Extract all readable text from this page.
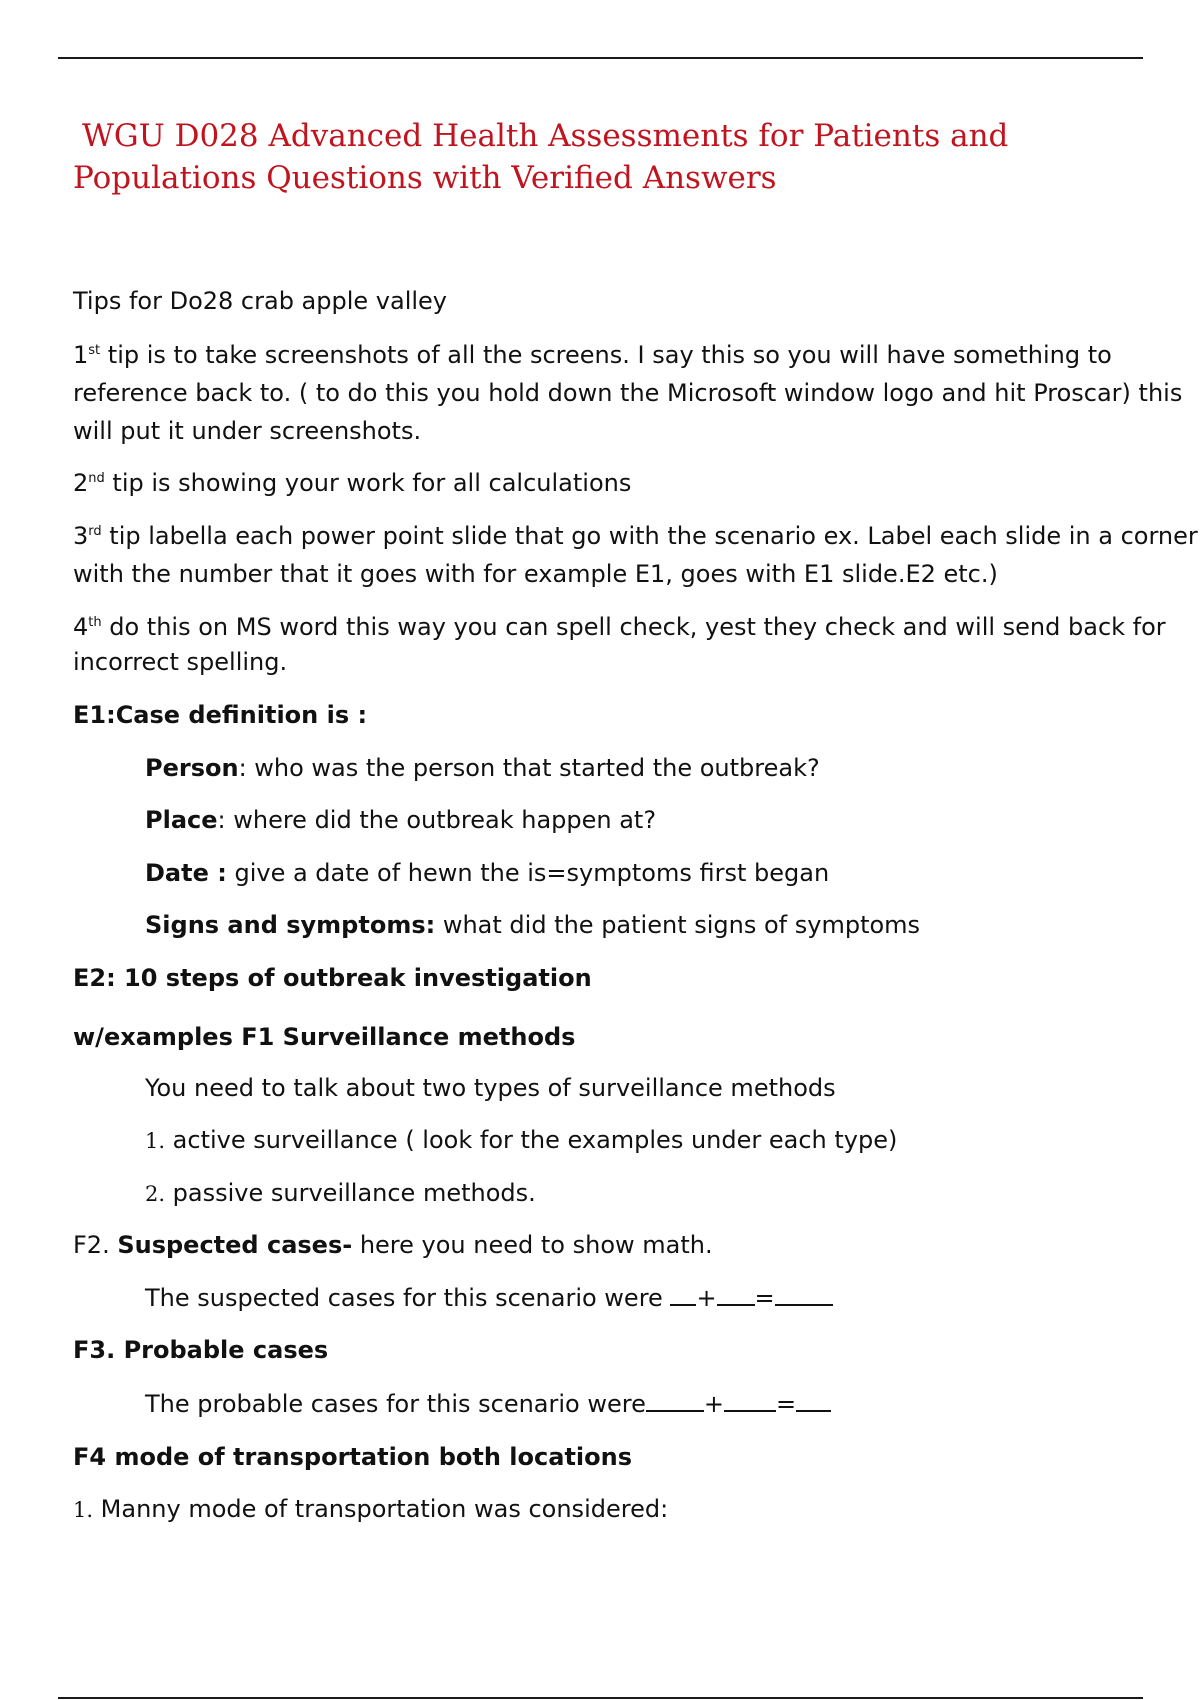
WGU D028 Advanced Health Assessments for Patients and
Populations Questions with Verified Answers
Tips for Do28 crab apple valley
1st tip is to take screenshots of all the screens. I say this so you will have something to
reference back to. ( to do this you hold down the Microsoft window logo and hit Proscar) this
will put it under screenshots.
2nd tip is showing your work for all calculations
3rd tip labella each power point slide that go with the scenario ex. Label each slide in a corner
with the number that it goes with for example E1, goes with E1 slide.E2 etc.)
4th do this on MS word this way you can spell check, yest they check and will send back for
incorrect spelling.
E1:Case definition is :
Person: who was the person that started the outbreak?
Place: where did the outbreak happen at?
Date : give a date of hewn the is=symptoms first began
Signs and symptoms: what did the patient signs of symptoms
E2: 10 steps of outbreak investigation
w/examples F1 Surveillance methods
You need to talk about two types of surveillance methods
1. active surveillance ( look for the examples under each type)
2. passive surveillance methods.
F2. Suspected cases- here you need to show math.
The suspected cases for this scenario were + =
F3. Probable cases
The probable cases for this scenario were + =
F4 mode of transportation both locations
1. Manny mode of transportation was considered:
